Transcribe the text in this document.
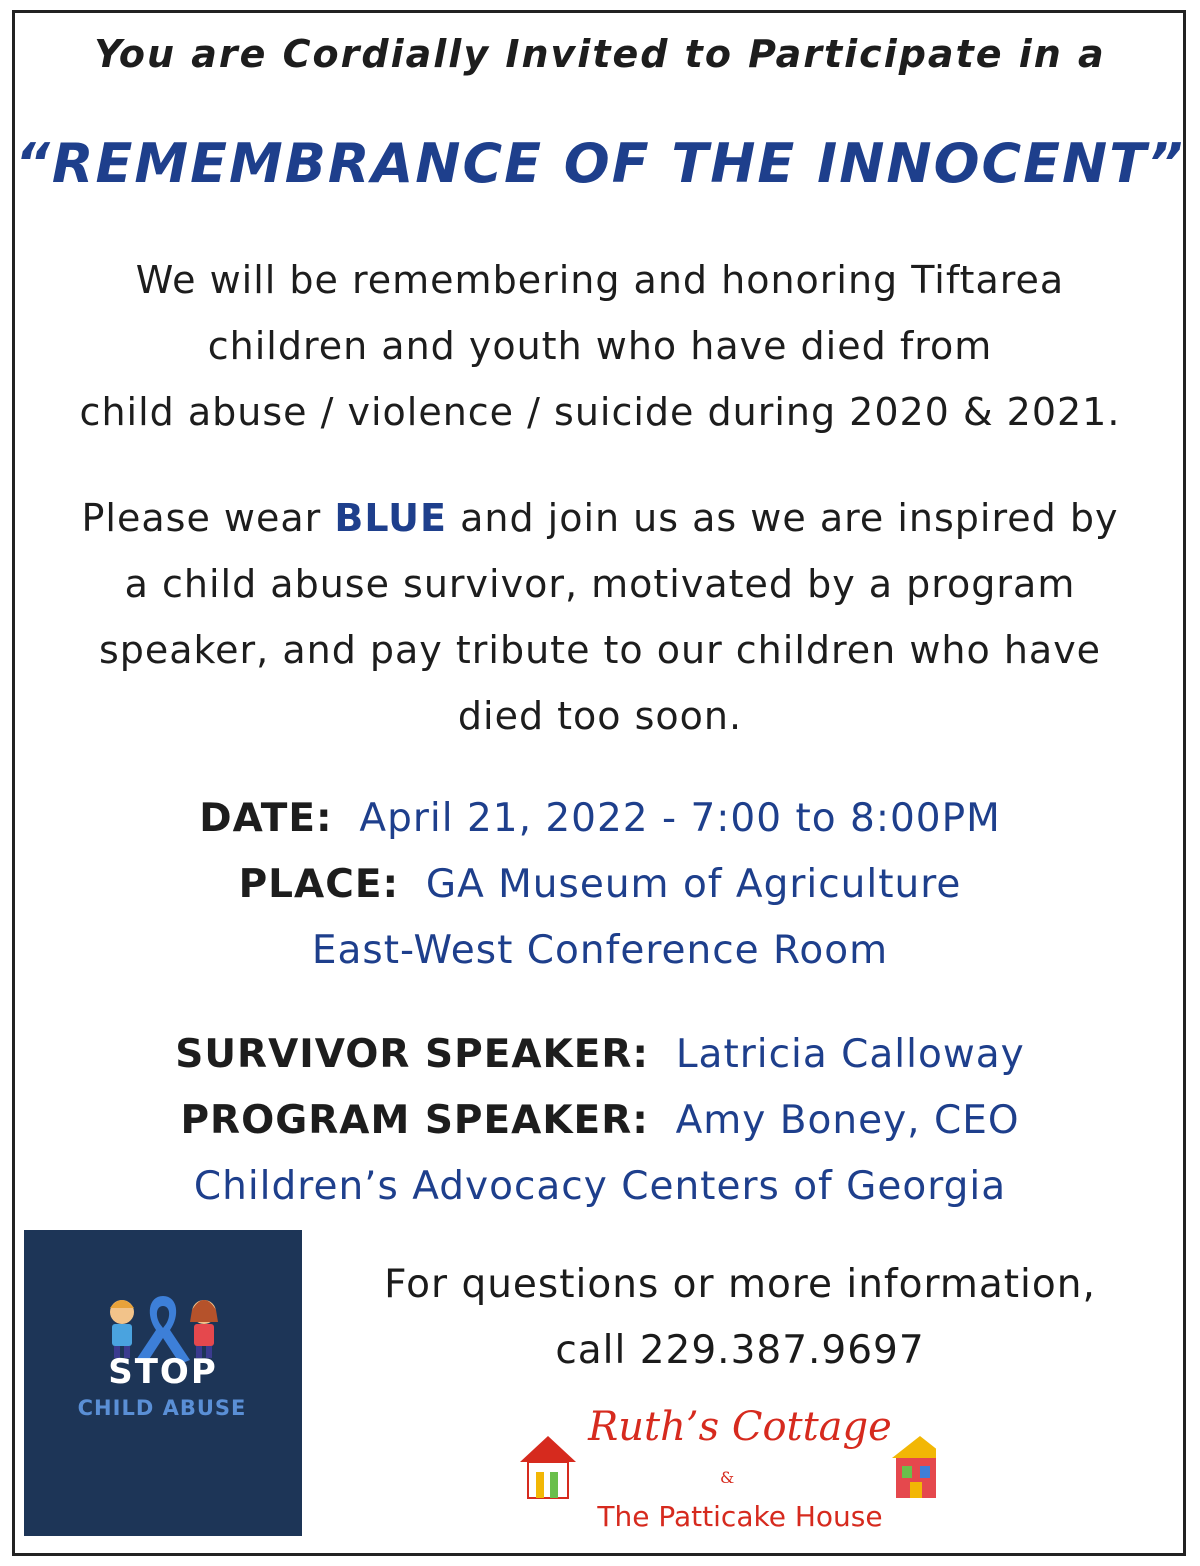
You are Cordially Invited to Participate in a
“REMEMBRANCE OF THE INNOCENT”
We will be remembering and honoring Tiftarea
children and youth who have died from
child abuse / violence / suicide during 2020 & 2021.
Please wear BLUE and join us as we are inspired by
a child abuse survivor, motivated by a program
speaker, and pay tribute to our children who have
died too soon.
DATE: April 21, 2022 - 7:00 to 8:00PM
PLACE: GA Museum of Agriculture
East-West Conference Room
SURVIVOR SPEAKER: Latricia Calloway
PROGRAM SPEAKER: Amy Boney, CEO
Children’s Advocacy Centers of Georgia
STOP
CHILD ABUSE
For questions or more information,
call 229.387.9697
Ruth’s Cottage
&
The Patticake House
